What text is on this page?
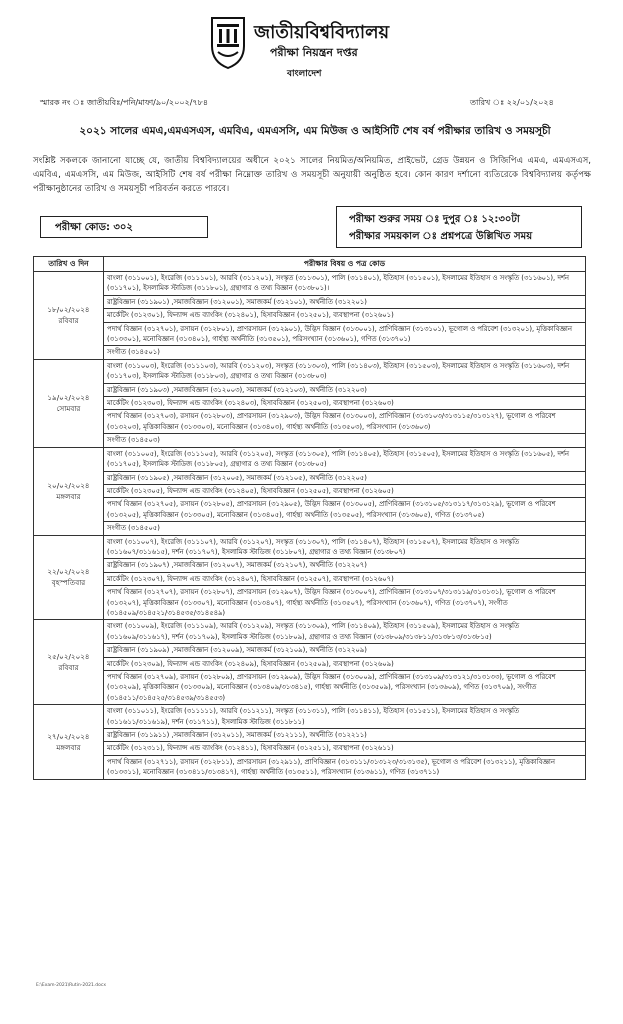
জাতীয়বিশ্ববিদ্যালয়
পরীক্ষা নিয়ন্ত্রন দপ্তর
বাংলাদেশ
স্মারক নং ঃ জাতীয়বিঃ/পনি/মাফা/৯০/২০০২/৭৮৪	তারিখ ঃ ২২/০১/২০২৪
২০২১ সালের এমএ,এমএসএস, এমবিএ, এমএসসি, এম মিউজ ও আইসিটি শেষ বর্ষ পরীক্ষার তারিখ ও সময়সূচী
সংশ্লিষ্ট সকলকে জানানো যাচ্ছে যে, জাতীয় বিশ্ববিদ্যালয়ের অধীনে ২০২১ সালের নিয়মিত/অনিয়মিত, প্রাইভেট, গ্রেড উন্নয়ন ও সিজিপিএ এমএ, এমএসএস, এমবিএ, এমএসসি, এম মিউজ, আইসিটি শেষ বর্ষ পরীক্ষা নিম্নোক্ত তারিখ ও সময়সূচী অনুযায়ী অনুষ্ঠিত হবে। কোন কারণ দর্শানো ব্যতিরেকে বিশ্ববিদ্যালয় কর্তৃপক্ষ পরীক্ষানুষ্ঠানের তারিখ ও সময়সূচী পরিবর্তন করতে পারবে।
পরীক্ষা কোড: ৩০২
পরীক্ষা শুরুর সময় ঃ দুপুর ঃ ১২:৩০টা
পরীক্ষার সময়কাল ঃ প্রশ্নপত্রে উল্লিখিত সময়
তারিখ ও দিন	পরীক্ষার বিষয় ও পত্র কোড

১৮/০২/২০২৪
রবিবার	বাংলা (৩১১০০১), ইংরেজি (৩১১১০১), আরবি (৩১১২০১), সংস্কৃত (৩১১৩০১), পালি (৩১১৪০১), ইতিহাস (৩১১৫০১), ইসলামের ইতিহাস ও সংস্কৃতি (৩১১৬০১), দর্শন (৩১১৭০১), ইসলামিক স্টাডিজ (৩১১৮০১), গ্রন্থাগার ও তথ্য বিজ্ঞান (৩১৩৮০১)।
	রাষ্ট্রবিজ্ঞান (৩১১৯০১) ,সমাজবিজ্ঞান (৩১২০০১), সমাজকর্ম (৩১২১০১), অর্থনীতি (৩১২২০১)
	মার্কেটিং (৩১২৩০১), ফিন্যান্স এন্ড ব্যাংকিং (৩১২৪০১), হিসাববিজ্ঞান (৩১২৫০১), ব্যবস্থাপনা (৩১২৬০১)
	পদার্থ বিজ্ঞান (৩১২৭০১), রসায়ন (৩১২৮০১), প্রাণরসায়ন (৩১২৯০১), উদ্ভিদ বিজ্ঞান (৩১৩০০১), প্রাণিবিজ্ঞান (৩১৩১০১), ভূগোল ও পরিবেশ (৩১৩২০১), মৃত্তিকাবিজ্ঞান (৩১৩৩০১), মনোবিজ্ঞান (৩১৩৪০১), গার্হস্থ্য অর্থনীতি (৩১৩৫০১), পরিসংখ্যান (৩১৩৬০১), গণিত (৩১৩৭০১)
	সংগীত (৩১৪৫০১)

১৯/০২/২০২৪
সোমবার	বাংলা (৩১১০০৩), ইংরেজি (৩১১১০৩), আরবি (৩১১২০৩), সংস্কৃত (৩১১৩০৩), পালি (৩১১৪০৩), ইতিহাস (৩১১৫০৩), ইসলামের ইতিহাস ও সংস্কৃতি (৩১১৬০৩), দর্শন (৩১১৭০৩), ইসলামিক স্টাডিজ (৩১১৮০৩), গ্রন্থাগার ও তথ্য বিজ্ঞান (৩১৩৮০৩)
	রাষ্ট্রবিজ্ঞান (৩১১৯০৩) ,সমাজবিজ্ঞান (৩১২০০৩), সমাজকর্ম (৩১২১০৩), অর্থনীতি (৩১২২০৩)
	মার্কেটিং (৩১২৩০৩), ফিন্যান্স এন্ড ব্যাংকিং (৩১২৪০৩), হিসাববিজ্ঞান (৩১২৫০৩), ব্যবস্থাপনা (৩১২৬০৩)
	পদার্থ বিজ্ঞান (৩১২৭০৩), রসায়ন (৩১২৮০৩), প্রাণরসায়ন (৩১২৯০৩), উদ্ভিদ বিজ্ঞান (৩১৩০০৩), প্রাণিবিজ্ঞান (৩১৩১০৩/৩১৩১১৫/৩১৩১২৭), ভূগোল ও পরিবেশ (৩১৩২০৩), মৃত্তিকাবিজ্ঞান (৩১৩৩০৩), মনোবিজ্ঞান (৩১৩৪০৩), গার্হস্থ্য অর্থনীতি (৩১৩৫০৩), পরিসংখ্যান (৩১৩৬০৩)
	সংগীত (৩১৪৫০৩)

২০/০২/২০২৪
মঙ্গলবার	বাংলা (৩১১০০৫), ইংরেজি (৩১১১০৫), আরবি (৩১১২০৫), সংস্কৃত (৩১১৩০৫), পালি (৩১১৪০৫), ইতিহাস (৩১১৫০৫), ইসলামের ইতিহাস ও সংস্কৃতি (৩১১৬০৫), দর্শন (৩১১৭০৫), ইসলামিক স্টাডিজ (৩১১৮০৫), গ্রন্থাগার ও তথ্য বিজ্ঞান (৩১৩৮০৫)
	রাষ্ট্রবিজ্ঞান (৩১১৯০৫) ,সমাজবিজ্ঞান (৩১২০০৫), সমাজকর্ম (৩১২১০৫), অর্থনীতি (৩১২২০৫)
	মার্কেটিং (৩১২৩০৫), ফিন্যান্স এন্ড ব্যাংকিং (৩১২৪০৫), হিসাববিজ্ঞান (৩১২৫০৫), ব্যবস্থাপনা (৩১২৬০৫)
	পদার্থ বিজ্ঞান (৩১২৭০৫), রসায়ন (৩১২৮০৫), প্রাণরসায়ন (৩১২৯০৫), উদ্ভিদ বিজ্ঞান (৩১৩০০৫), প্রাণিবিজ্ঞান (৩১৩১০৫/৩১৩১১৭/৩১৩১২৯), ভূগোল ও পরিবেশ (৩১৩২০৫), মৃত্তিকাবিজ্ঞান (৩১৩৩০৫), মনোবিজ্ঞান (৩১৩৪০৫), গার্হস্থ্য অর্থনীতি (৩১৩৫০৫), পরিসংখ্যান (৩১৩৬০৫), গণিত (৩১৩৭০৫)
	সংগীত (৩১৪৫০৫)

২২/০২/২০২৪
বৃহস্পতিবার	বাংলা (৩১১০০৭), ইংরেজি (৩১১১০৭), আরবি (৩১১২০৭), সংস্কৃত (৩১১৩০৭), পালি (৩১১৪০৭), ইতিহাস (৩১১৫০৭), ইসলামের ইতিহাস ও সংস্কৃতি (৩১১৬০৭/৩১১৬১৫), দর্শন (৩১১৭০৭), ইসলামিক স্টাডিজ (৩১১৮০৭), গ্রন্থাগার ও তথ্য বিজ্ঞান (৩১৩৮০৭)
	রাষ্ট্রবিজ্ঞান (৩১১৯০৭) ,সমাজবিজ্ঞান (৩১২০০৭), সমাজকর্ম (৩১২১০৭), অর্থনীতি (৩১২২০৭)
	মার্কেটিং (৩১২৩০৭), ফিন্যান্স এন্ড ব্যাংকিং (৩১২৪০৭), হিসাববিজ্ঞান (৩১২৫০৭), ব্যবস্থাপনা (৩১২৬০৭)
	পদার্থ বিজ্ঞান (৩১২৭০৭), রসায়ন (৩১২৮০৭), প্রাণরসায়ন (৩১২৯০৭), উদ্ভিদ বিজ্ঞান (৩১৩০০৭), প্রাণিবিজ্ঞান (৩১৩১০৭/৩১৩১১৯/৩১৩১৩১), ভূগোল ও পরিবেশ (৩১৩২০৭), মৃত্তিকাবিজ্ঞান (৩১৩৩০৭), মনোবিজ্ঞান (৩১৩৪০৭), গার্হস্থ্য অর্থনীতি (৩১৩৫০৭), পরিসংখ্যান (৩১৩৬০৭), গণিত (৩১৩৭০৭), সংগীত (৩১৪৫০৯/৩১৪৫২১/৩১৪৫৩৫/৩১৪৫৪৯)

২৫/০২/২০২৪
রবিবার	বাংলা (৩১১০০৯), ইংরেজি (৩১১১০৯), আরবি (৩১১২০৯), সংস্কৃত (৩১১৩০৯), পালি (৩১১৪০৯), ইতিহাস (৩১১৫০৯), ইসলামের ইতিহাস ও সংস্কৃতি (৩১১৬০৯/৩১১৬১৭), দর্শন (৩১১৭০৯), ইসলামিক স্টাডিজ (৩১১৮০৯), গ্রন্থাগার ও তথ্য বিজ্ঞান (৩১৩৮০৯/৩১৩৮১১/৩১৩৮১৩/৩১৩৮১৫)
	রাষ্ট্রবিজ্ঞান (৩১১৯০৯) ,সমাজবিজ্ঞান (৩১২০০৯), সমাজকর্ম (৩১২১০৯), অর্থনীতি (৩১২২০৯)
	মার্কেটিং (৩১২৩০৯), ফিন্যান্স এন্ড ব্যাংকিং (৩১২৪০৯), হিসাববিজ্ঞান (৩১২৫০৯), ব্যবস্থাপনা (৩১২৬০৯)
	পদার্থ বিজ্ঞান (৩১২৭০৯), রসায়ন (৩১২৮০৯), প্রাণরসায়ন (৩১২৯০৯), উদ্ভিদ বিজ্ঞান (৩১৩০০৯), প্রাণিবিজ্ঞান (৩১৩১০৯/৩১৩১২১/৩১৩১৩৩), ভূগোল ও পরিবেশ (৩১৩২০৯), মৃত্তিকাবিজ্ঞান (৩১৩৩০৯), মনোবিজ্ঞান (৩১৩৪০৯/৩১৩৪১৫), গার্হস্থ্য অর্থনীতি (৩১৩৫০৯), পরিসংখ্যান (৩১৩৬০৯), গণিত (৩১৩৭০৯), সংগীত (৩১৪৫১১/৩১৪৫২৫/৩১৪৫৩৯/৩১৪৫৫৩)

২৭/০২/২০২৪
মঙ্গলবার	বাংলা (৩১১০১১), ইংরেজি (৩১১১১১), আরবি (৩১১২১১), সংস্কৃত (৩১১৩১১), পালি (৩১১৪১১), ইতিহাস (৩১১৫১১), ইসলামের ইতিহাস ও সংস্কৃতি (৩১১৬১১/৩১১৬১৯), দর্শন (৩১১৭১১), ইসলামিক স্টাডিজ (৩১১৮১১)
	রাষ্ট্রবিজ্ঞান (৩১১৯১১) ,সমাজবিজ্ঞান (৩১২০১১), সমাজকর্ম (৩১২১১১), অর্থনীতি (৩১২২১১)
	মার্কেটিং (৩১২৩১১), ফিন্যান্স এন্ড ব্যাংকিং (৩১২৪১১), হিসাববিজ্ঞান (৩১২৫১১), ব্যবস্থাপনা (৩১২৬১১)
	পদার্থ বিজ্ঞান (৩১২৭১১), রসায়ন (৩১২৮১১), প্রাণরসায়ন (৩১২৯১১), প্রাণিবিজ্ঞান (৩১৩১১১/৩১৩১২৩/৩১৩১৩৫), ভূগোল ও পরিবেশ (৩১৩২১১), মৃত্তিকাবিজ্ঞান (৩১৩৩১১), মনোবিজ্ঞান (৩১৩৪১১/৩১৩৪১৭), গার্হস্থ্য অর্থনীতি (৩১৩৫১১), পরিসংখ্যান (৩১৩৬১১), গণিত (৩১৩৭১১)
E:\Exam-2021\Rutin-2021.docx
